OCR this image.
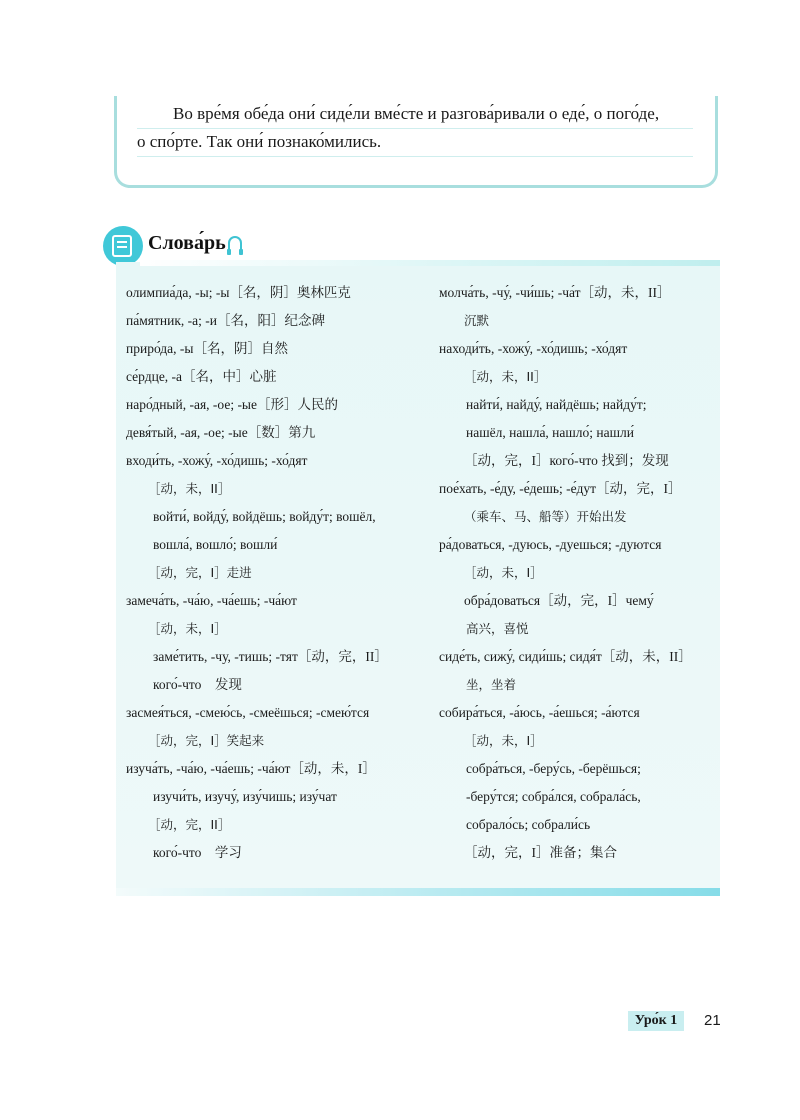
Во вре́мя обе́да они́ сиде́ли вме́сте и разгова́ривали о еде́, о пого́де,
о спо́рте. Так они́ познако́мились.
Слова́рь
олимпиа́да, -ы; -ы［名，阴］奥林匹克
па́мятник, -а; -и［名，阳］纪念碑
приро́да, -ы［名，阴］自然
се́рдце, -а［名，中］心脏
наро́дный, -ая, -ое; -ые［形］人民的
девя́тый, -ая, -ое; -ые［数］第九
входи́ть, -хожу́, -хо́дишь; -хо́дят
［动，未，II］
войти́, войду́, войдёшь; войду́т; вошёл,
вошла́, вошло́; вошли́
［动，完，I］走进
замеча́ть, -ча́ю, -ча́ешь; -ча́ют
［动，未，I］
заме́тить, -чу, -тишь; -тят［动，完，II］
кого́-что　发现
засмея́ться, -смею́сь, -смеёшься; -смею́тся
［动，完，I］笑起来
изуча́ть, -ча́ю, -ча́ешь; -ча́ют［动，未，I］
изучи́ть, изучу́, изу́чишь; изу́чат
［动，完，II］
кого́-что　学习
молча́ть, -чу́, -чи́шь; -ча́т［动，未，II］
沉默
находи́ть, -хожу́, -хо́дишь; -хо́дят
［动，未，II］
найти́, найду́, найдёшь; найду́т;
нашёл, нашла́, нашло́; нашли́
［动，完，I］кого́-что 找到；发现
пое́хать, -е́ду, -е́дешь; -е́дут［动，完，I］
（乘车、马、船等）开始出发
ра́доваться, -дуюсь, -дуешься; -дуются
［动，未，I］
обра́доваться［动，完，I］чему́
高兴，喜悦
сиде́ть, сижу́, сиди́шь; сидя́т［动，未，II］
坐，坐着
собира́ться, -а́юсь, -а́ешься; -а́ются
［动，未，I］
собра́ться, -беру́сь, -берёшься;
-беру́тся; собра́лся, собрала́сь,
собрало́сь; собрали́сь
［动，完，I］准备；集合
Уро́к 1	21
